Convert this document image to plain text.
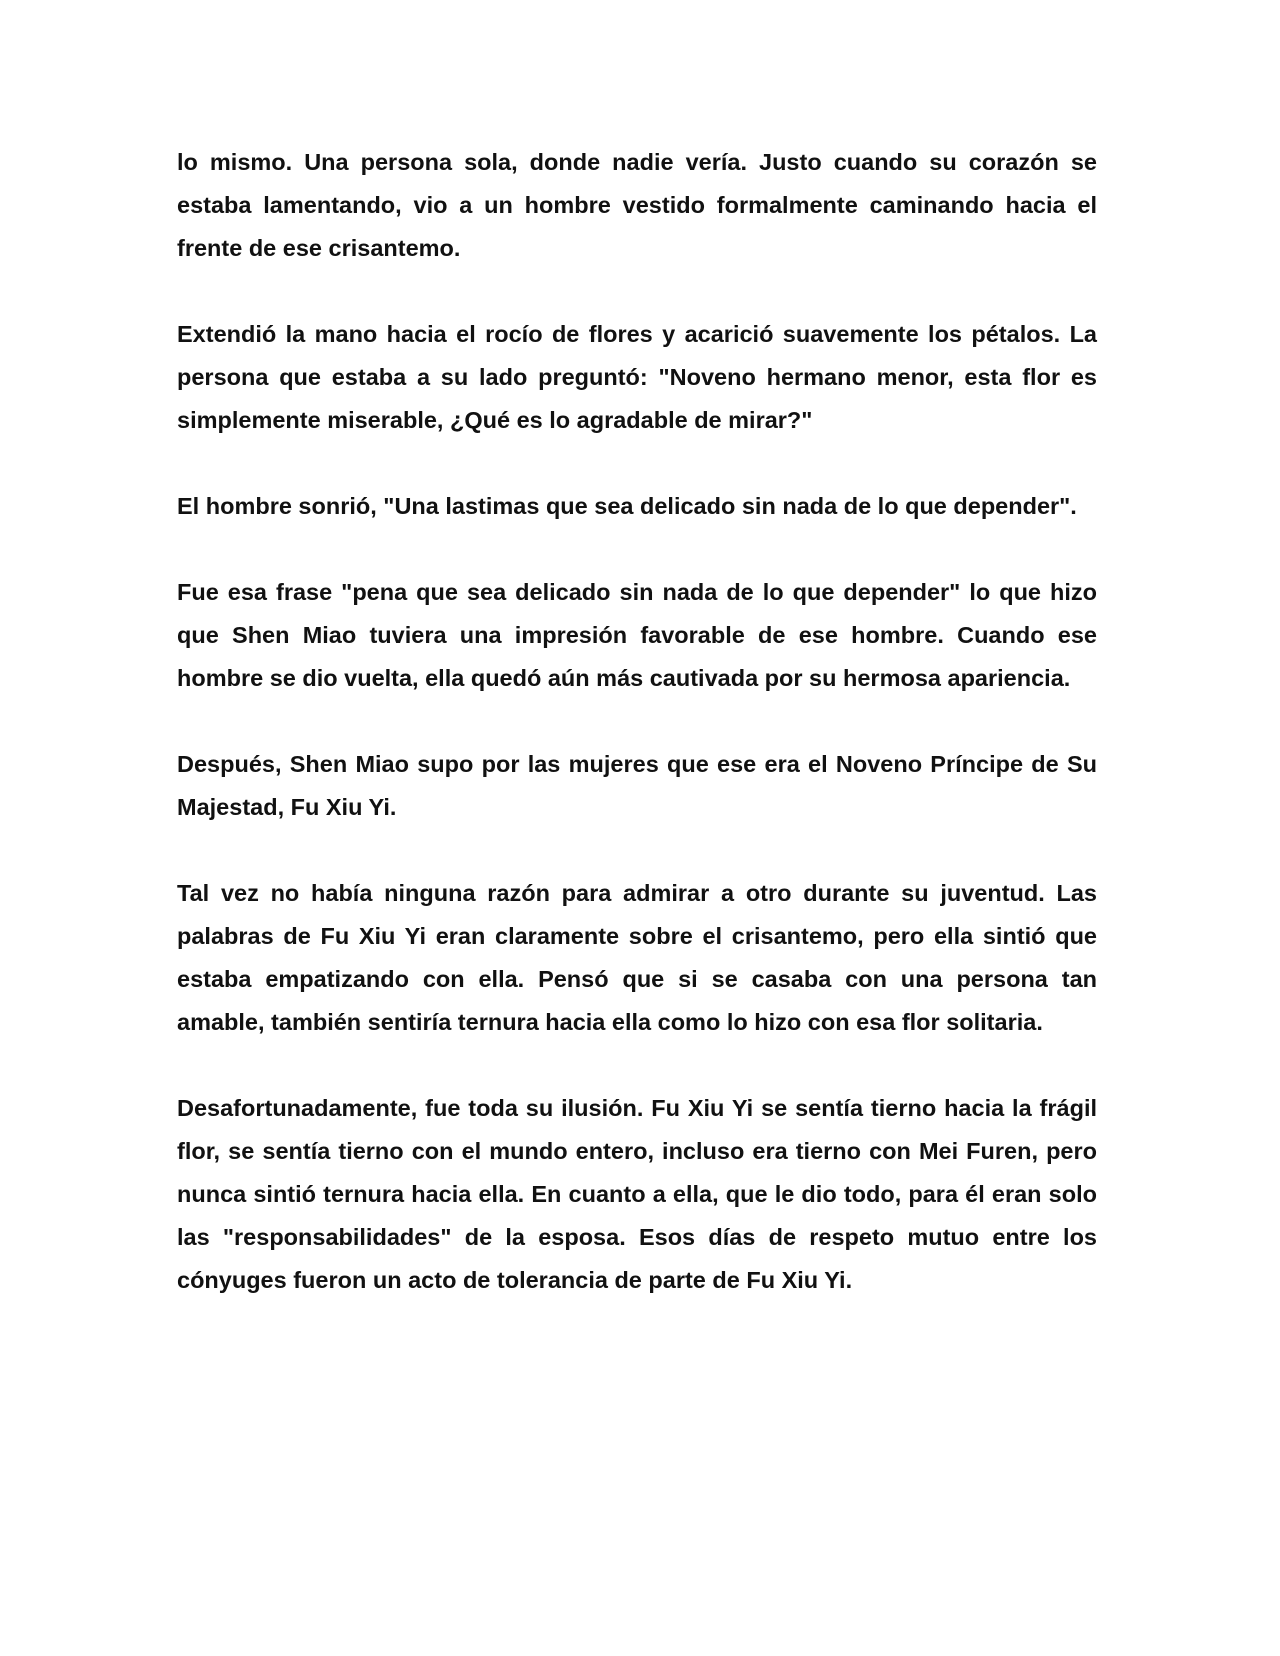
lo mismo. Una persona sola, donde nadie vería. Justo cuando su corazón se estaba lamentando, vio a un hombre vestido formalmente caminando hacia el frente de ese crisantemo.

Extendió la mano hacia el rocío de flores y acarició suavemente los pétalos. La persona que estaba a su lado preguntó: "Noveno hermano menor, esta flor es simplemente miserable, ¿Qué es lo agradable de mirar?"

El hombre sonrió, "Una lastimas que sea delicado sin nada de lo que depender".

Fue esa frase "pena que sea delicado sin nada de lo que depender" lo que hizo que Shen Miao tuviera una impresión favorable de ese hombre. Cuando ese hombre se dio vuelta, ella quedó aún más cautivada por su hermosa apariencia.

Después, Shen Miao supo por las mujeres que ese era el Noveno Príncipe de Su Majestad, Fu Xiu Yi.

Tal vez no había ninguna razón para admirar a otro durante su juventud. Las palabras de Fu Xiu Yi eran claramente sobre el crisantemo, pero ella sintió que estaba empatizando con ella. Pensó que si se casaba con una persona tan amable, también sentiría ternura hacia ella como lo hizo con esa flor solitaria.

Desafortunadamente, fue toda su ilusión. Fu Xiu Yi se sentía tierno hacia la frágil flor, se sentía tierno con el mundo entero, incluso era tierno con Mei Furen, pero nunca sintió ternura hacia ella. En cuanto a ella, que le dio todo, para él eran solo las "responsabilidades" de la esposa. Esos días de respeto mutuo entre los cónyuges fueron un acto de tolerancia de parte de Fu Xiu Yi.
